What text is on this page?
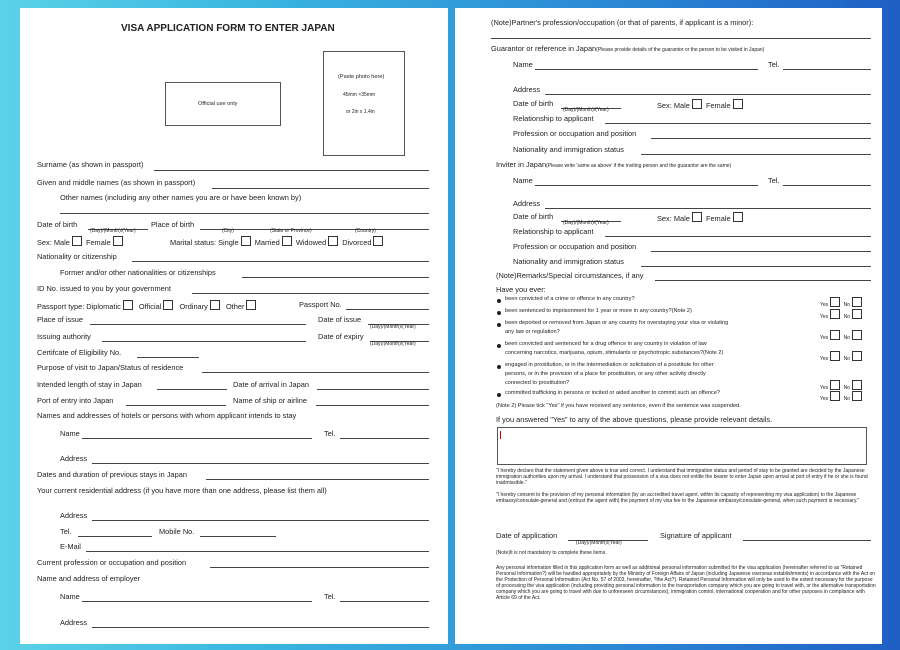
VISA APPLICATION FORM TO ENTER JAPAN
Official use only
(Paste photo here)
45mm ×35mm
or 2in x 1.4in
Surname (as shown in passport)
Given and middle names (as shown in passport)
Other names (including any other names you are or have been known by)
Date of birth
(Day)/(Month)/(Year)
Place of birth
(City)	(State or Province)	(Country)
Sex: Male Female	Marital status: Single Married Widowed Divorced
Nationality or citizenship
Former and/or other nationalities or citizenships
ID No. issued to you by your government
Passport type: Diplomatic Official Ordinary Other	Passport No.
Place of issue	Date of issue
(Day)/(Month)/(Year)
Issuing authority	Date of expiry
(Day)/(Month)/(Year)
Certifcate of Eligibility No.
Purpose of visit to Japan/Status of residence
Intended length of stay in Japan	Date of arrival in Japan
Port of entry into Japan	Name of ship or airline
Names and addresses of hotels or persons with whom applicant intends to stay
Name	Tel.
Address
Dates and duration of previous stays in Japan
Your current residential address (if you have more than one address, please list them all)
Address
Tel.	Mobile No.
E-Mail
Current profession or occupation and position
Name and address of employer
Name	Tel.
Address
(Note)Partner's profession/occupation (or that of parents, if applicant is a minor):
Guarantor or reference in Japan(Please provide details of the guarantor or the person to be visited in Japan)
Name	Tel.
Address
Date of birth
(Day)/(Month)/(Year)	Sex: Male Female
Relationship to applicant
Profession or occupation and position
Nationality and immigration status
Inviter in Japan(Please write 'same as above' if the inviting person and the guarantor are the same)
Name	Tel.
Address
Date of birth
(Day)/(Month)/(Year)	Sex: Male Female
Relationship to applicant
Profession or occupation and position
Nationality and immigration status
(Note)Remarks/Special circumstances, if any
Have you ever:
been convicted of a crime or offence in any country?
Yes	No
been sentenced to imprisonment for 1 year or more in any country?(Note 2)
Yes	No
been deported or removed from Japan or any country for overstaying your visa or violating
any law or regulation?
Yes	No
been convicted and sentenced for a drug offence in any country in violation of law
concerning narcotics, marijuana, opium, stimulants or psychotropic substances?(Note 2)
Yes	No
engaged in prostitution, or in the intermediation or solicitation of a prostitute for other
persons, or in the provision of a place for prostitution, or any other activity directly
connected to prostitution?
Yes	No
committed trafficking in persons or incited or aided another to commit such an offence?
Yes	No
(Note 2) Please tick "Yes" if you have received any sentence, even if the sentence was suspended.
If you answered "Yes" to any of the above questions, please provide relevant details.
"I hereby declare that the statement given above is true and correct. I understand that immigration status and period of stay to be granted are decided by the Japanese immigration authorities upon my arrival. I understand that possession of a visa does not entitle the bearer to enter Japan upon arrival at port of entry if he or she is found inadmissible."
"I hereby consent to the provision of my personal information (by an accredited travel agent, within its capacity of representing my visa application) to the Japanese embassy/consulate-general and (entrust the agent with) the payment of my visa fee to the Japanese embassy/consulate-general, when such payment is necessary."
Date of application
(Day)/(Month)/(Year)
Signature of applicant
(Note)It is not mandatory to complete these items.
Any personal information filled in this application form as well as additional personal information submitted for the visa application (hereinafter referred to as "Retained Personal Information?) will be handled appropriately by the Ministry of Foreign Affairs of Japan (including Japanese overseas establishments) in accordance with the Act on the Protection of Personal Information (Act No. 57 of 2003, hereinafter, ?the Act?). Retained Personal Information will only be used to the extent necessary for the purpose of processing the visa application (including providing personal information to the transportation company which you are going to travel with, or the alternative transportation company which you are going to travel with due to unforeseen circumstances), immigration control, international cooperation and for other purposes in compliance with Article 69 of the Act.
